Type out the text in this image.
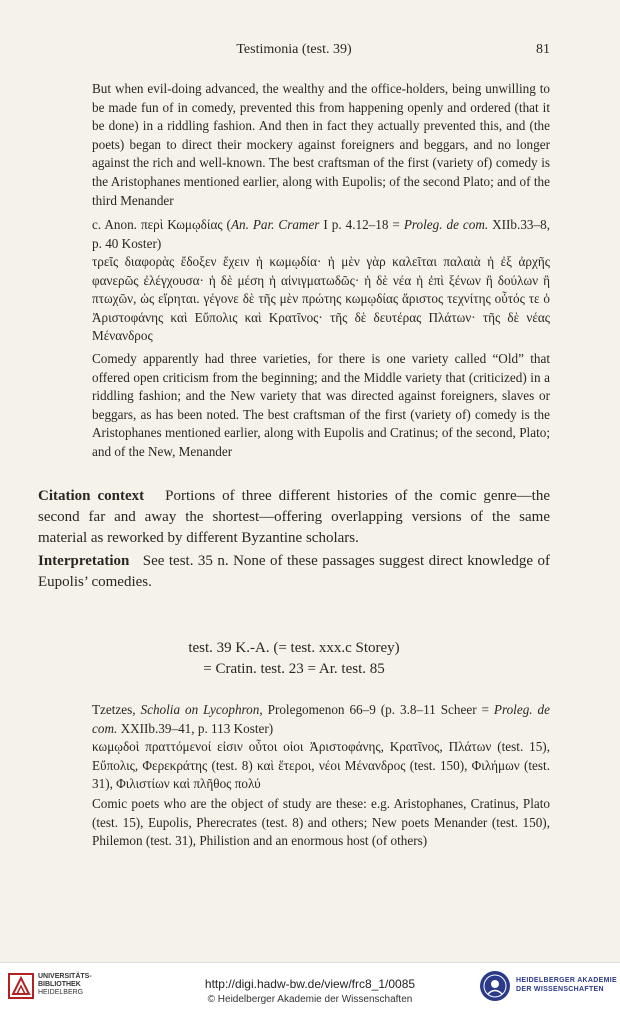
Testimonia (test. 39)	81

But when evil-doing advanced, the wealthy and the office-holders, being unwilling to be made fun of in comedy, prevented this from happening openly and ordered (that it be done) in a riddling fashion. And then in fact they actually prevented this, and (the poets) began to direct their mockery against foreigners and beggars, and no longer against the rich and well-known. The best craftsman of the first (variety of) comedy is the Aristophanes mentioned earlier, along with Eupolis; of the second Plato; and of the third Menander

c. Anon. περὶ Κωμῳδίας (An. Par. Cramer I p. 4.12–18 = Proleg. de com. XIIb.33–8, p. 40 Koster)

τρεῖς διαφορὰς ἔδοξεν ἔχειν ἡ κωμῳδία· ἡ μὲν γὰρ καλεῖται παλαιὰ ἡ ἐξ ἀρχῆς φανερῶς ἐλέγχουσα· ἡ δὲ μέση ἡ αἰνιγματωδῶς· ἡ δὲ νέα ἡ ἐπὶ ξένων ἢ δούλων ἢ πτωχῶν, ὡς εἴρηται. γέγονε δὲ τῆς μὲν πρώτης κωμῳδίας ἄριστος τεχνίτης οὗτός τε ὁ Ἀριστοφάνης καὶ Εὔπολις καὶ Κρατῖνος· τῆς δὲ δευτέρας Πλάτων· τῆς δὲ νέας Μένανδρος

Comedy apparently had three varieties, for there is one variety called “Old” that offered open criticism from the beginning; and the Middle variety that (criticized) in a riddling fashion; and the New variety that was directed against foreigners, slaves or beggars, as has been noted. The best craftsman of the first (variety of) comedy is the Aristophanes mentioned earlier, along with Eupolis and Cratinus; of the second, Plato; and of the New, Menander

Citation context Portions of three different histories of the comic genre—the second far and away the shortest—offering overlapping versions of the same material as reworked by different Byzantine scholars.
Interpretation See test. 35 n. None of these passages suggest direct knowledge of Eupolis’ comedies.
test. 39 K.-A. (= test. xxx.c Storey)
= Cratin. test. 23 = Ar. test. 85

Tzetzes, Scholia on Lycophron, Prolegomenon 66–9 (p. 3.8–11 Scheer = Proleg. de com. XXIIb.39–41, p. 113 Koster)

κωμῳδοὶ πραττόμενοί εἰσιν οὗτοι οἱοι Ἀριστοφάνης, Κρατῖνος, Πλάτων (test. 15), Εὔπολις, Φερεκράτης (test. 8) καὶ ἕτεροι, νέοι Μένανδρος (test. 150), Φιλήμων (test. 31), Φιλιστίων καὶ πλῆθος πολύ

Comic poets who are the object of study are these: e.g. Aristophanes, Cratinus, Plato (test. 15), Eupolis, Pherecrates (test. 8) and others; New poets Menander (test. 150), Philemon (test. 31), Philistion and an enormous host (of others)

UNIVERSITÄTS-
BIBLIOTHEK
HEIDELBERG
http://digi.hadw-bw.de/view/frc8_1/0085
© Heidelberger Akademie der Wissenschaften
HEIDELBERGER AKADEMIE
DER WISSENSCHAFTEN
